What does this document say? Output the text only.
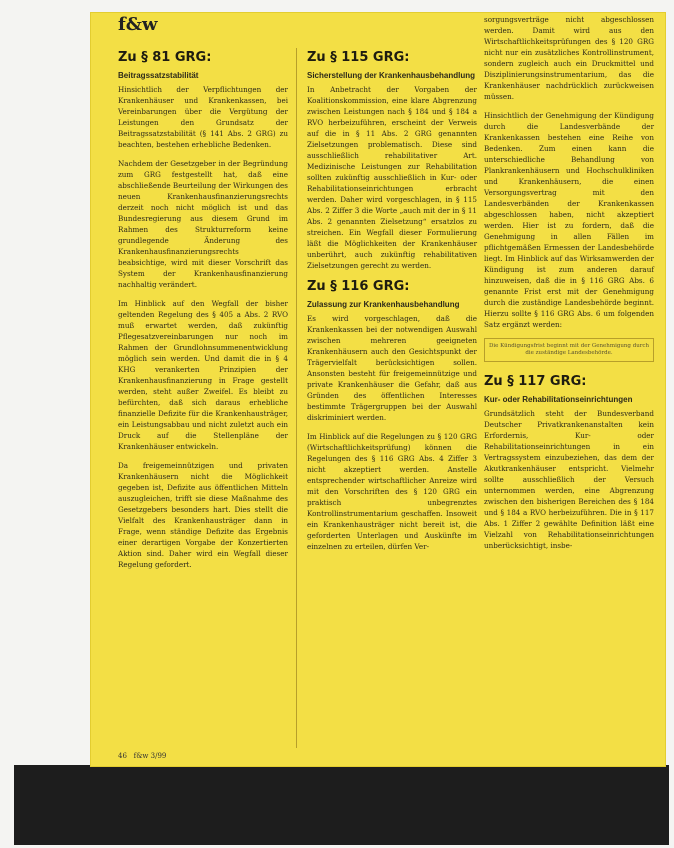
f&w
Zu § 81 GRG:
Beitragssatzstabilität

Hinsichtlich der Verpflichtungen der Krankenhäuser und Krankenkassen, bei Vereinbarungen über die Vergütung der Leistungen den Grundsatz der Beitragssatzstabilität (§ 141 Abs. 2 GRG) zu beachten, bestehen erhebliche Bedenken.

Nachdem der Gesetzgeber in der Begründung zum GRG festgestellt hat, daß eine abschließende Beurteilung der Wirkungen des neuen Krankenhausfinanzierungsrechts derzeit noch nicht möglich ist und das Bundesregierung aus diesem Grund im Rahmen des Strukturreform keine grundlegende Änderung des Krankenhausfinanzierungsrechts beabsichtige, wird mit dieser Vorschrift das System der Krankenhausfinanzierung nachhaltig verändert.

Im Hinblick auf den Wegfall der bisher geltenden Regelung des § 405 a Abs. 2 RVO muß erwartet werden, daß zukünftig Pflegesatzvereinbarungen nur noch im Rahmen der Grundlohnsummenentwicklung möglich sein werden. Und damit die in § 4 KHG verankerten Prinzipien der Krankenhausfinanzierung in Frage gestellt werden, steht außer Zweifel. Es bleibt zu befürchten, daß sich daraus erhebliche finanzielle Defizite für die Krankenhausträger, ein Leistungsabbau und nicht zuletzt auch ein Druck auf die Stellenpläne der Krankenhäuser entwickeln.

Da freigemeinnützigen und privaten Krankenhäusern nicht die Möglichkeit gegeben ist, Defizite aus öffentlichen Mitteln auszugleichen, trifft sie diese Maßnahme des Gesetzgebers besonders hart. Dies stellt die Vielfalt des Krankenhausträger dann in Frage, wenn ständige Defizite das Ergebnis einer derartigen Vorgabe der Konzertierten Aktion sind. Daher wird ein Wegfall dieser Regelung gefordert.

Zu § 115 GRG:
Sicherstellung der Krankenhausbehandlung

In Anbetracht der Vorgaben der Koalitionskommission, eine klare Abgrenzung zwischen Leistungen nach § 184 und § 184 a RVO herbeizuführen, erscheint der Verweis auf die in § 11 Abs. 2 GRG genannten Zielsetzungen problematisch. Diese sind ausschließlich rehabilitativer Art. Medizinische Leistungen zur Rehabilitation sollten zukünftig ausschließlich in Kur- oder Rehabilitationseinrichtungen erbracht werden. Daher wird vorgeschlagen, in § 115 Abs. 2 Ziffer 3 die Worte „auch mit der in § 11 Abs. 2 genannten Zielsetzung“ ersatzlos zu streichen. Ein Wegfall dieser Formulierung läßt die Möglichkeiten der Krankenhäuser unberührt, auch zukünftig rehabilitativen Zielsetzungen gerecht zu werden.

Zu § 116 GRG:
Zulassung zur Krankenhausbehandlung

Es wird vorgeschlagen, daß die Krankenkassen bei der notwendigen Auswahl zwischen mehreren geeigneten Krankenhäusern auch den Gesichtspunkt der Trägervielfalt berücksichtigen sollen. Ansonsten besteht für freigemeinnützige und private Krankenhäuser die Gefahr, daß aus Gründen des öffentlichen Interesses bestimmte Trägergruppen bei der Auswahl diskriminiert werden.

Im Hinblick auf die Regelungen zu § 120 GRG (Wirtschaftlichkeitsprüfung) können die Regelungen des § 116 GRG Abs. 4 Ziffer 3 nicht akzeptiert werden. Anstelle entsprechender wirtschaftlicher Anreize wird mit den Vorschriften des § 120 GRG ein praktisch unbegrenztes Kontrollinstrumentarium geschaffen. Insoweit ein Krankenhausträger nicht bereit ist, die geforderten Unterlagen und Auskünfte im einzelnen zu erteilen, dürfen Ver-

sorgungsverträge nicht abgeschlossen werden. Damit wird aus den Wirtschaftlichkeitsprüfungen des § 120 GRG nicht nur ein zusätzliches Kontrollinstrument, sondern zugleich auch ein Druckmittel und Disziplinierungsinstrumentarium, das die Krankenhäuser nachdrücklich zurückweisen müssen.

Hinsichtlich der Genehmigung der Kündigung durch die Landesverbände der Krankenkassen bestehen eine Reihe von Bedenken. Zum einen kann die unterschiedliche Behandlung von Plankrankenhäusern und Hochschulkliniken und Krankenhäusern, die einen Versorgungsvertrag mit den Landesverbänden der Krankenkassen abgeschlossen haben, nicht akzeptiert werden. Hier ist zu fordern, daß die Genehmigung in allen Fällen im pflichtgemäßen Ermessen der Landesbehörde liegt. Im Hinblick auf das Wirksamwerden der Kündigung ist zum anderen darauf hinzuweisen, daß die in § 116 GRG Abs. 6 genannte Frist erst mit der Genehmigung durch die zuständige Landesbehörde beginnt. Hierzu sollte § 116 GRG Abs. 6 um folgenden Satz ergänzt werden:

Die Kündigungsfrist beginnt mit der Genehmigung durch die zuständige Landesbehörde.
Zu § 117 GRG:
Kur- oder Rehabilitationseinrichtungen

Grundsätzlich steht der Bundesverband Deutscher Privatkrankenanstalten kein Erfordernis, Kur- oder Rehabilitationseinrichtungen in ein Vertragssystem einzubeziehen, das dem der Akutkrankenhäuser entspricht. Vielmehr sollte ausschließlich der Versuch unternommen werden, eine Abgrenzung zwischen den bisherigen Bereichen des § 184 und § 184 a RVO herbeizuführen. Die in § 117 Abs. 1 Ziffer 2 gewählte Definition läßt eine Vielzahl von Rehabilitationseinrichtungen unberücksichtigt, insbe-

46 f&w 3/99
